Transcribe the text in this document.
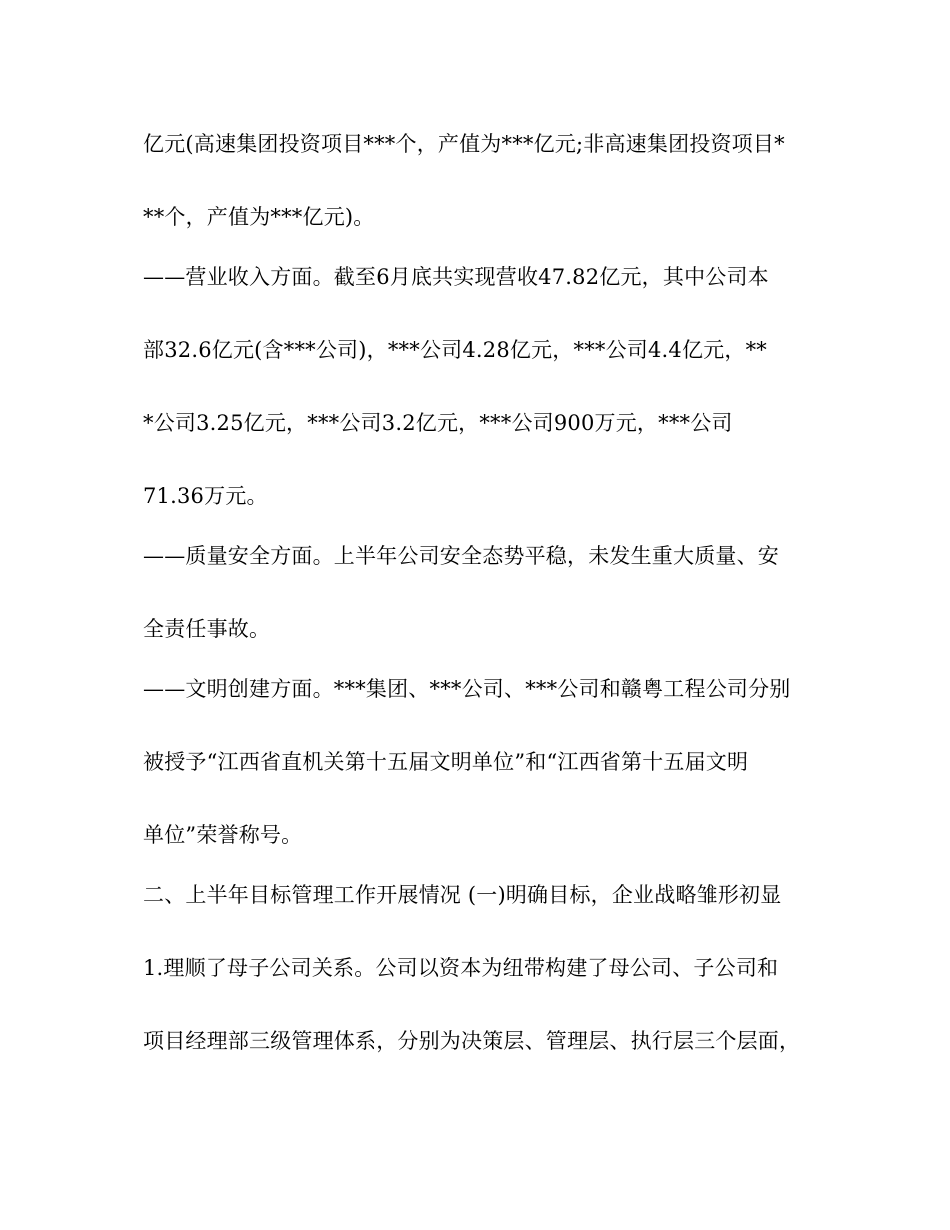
亿元(高速集团投资项目***个，产值为***亿元;非高速集团投资项目*
**个，产值为***亿元)。
——营业收入方面。截至6月底共实现营收47.82亿元，其中公司本
部32.6亿元(含***公司)，***公司4.28亿元，***公司4.4亿元，**
*公司3.25亿元，***公司3.2亿元，***公司900万元，***公司
71.36万元。
——质量安全方面。上半年公司安全态势平稳，未发生重大质量、安
全责任事故。
——文明创建方面。***集团、***公司、***公司和赣粤工程公司分别
被授予“江西省直机关第十五届文明单位”和“江西省第十五届文明
单位”荣誉称号。
二、上半年目标管理工作开展情况 (一)明确目标，企业战略雏形初显
1.理顺了母子公司关系。公司以资本为纽带构建了母公司、子公司和
项目经理部三级管理体系，分别为决策层、管理层、执行层三个层面，
